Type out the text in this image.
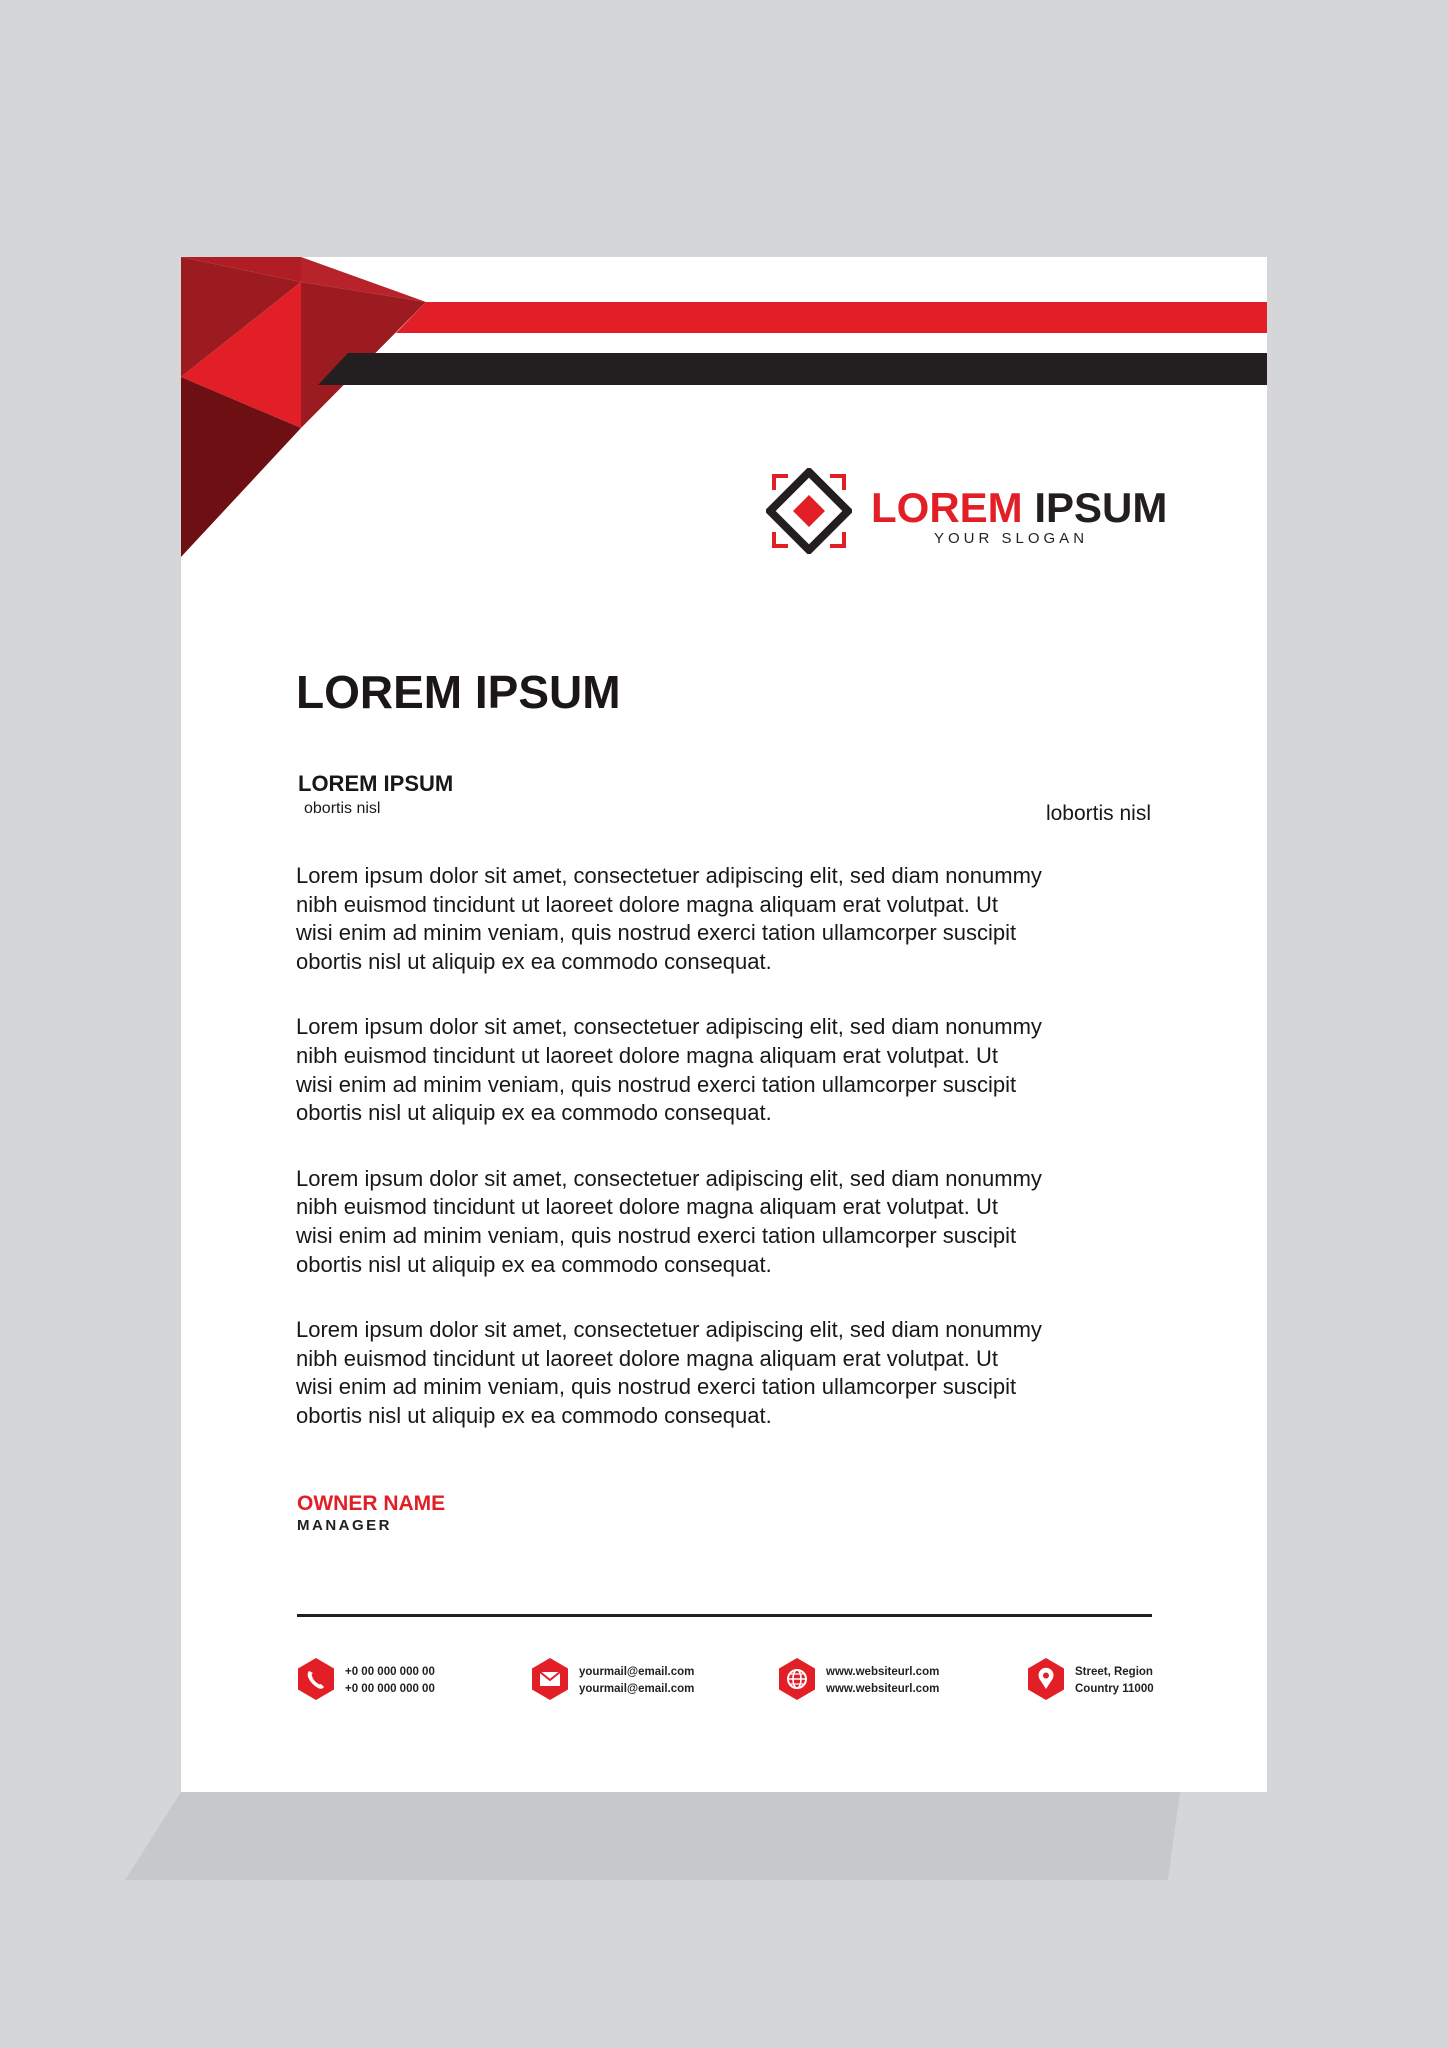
LOREM IPSUM
YOUR SLOGAN
LOREM IPSUM
LOREM IPSUM
obortis nisl	lobortis nisl

Lorem ipsum dolor sit amet, consectetuer adipiscing elit, sed diam nonummy
nibh euismod tincidunt ut laoreet dolore magna aliquam erat volutpat. Ut
wisi enim ad minim veniam, quis nostrud exerci tation ullamcorper suscipit
obortis nisl ut aliquip ex ea commodo consequat.

Lorem ipsum dolor sit amet, consectetuer adipiscing elit, sed diam nonummy
nibh euismod tincidunt ut laoreet dolore magna aliquam erat volutpat. Ut
wisi enim ad minim veniam, quis nostrud exerci tation ullamcorper suscipit
obortis nisl ut aliquip ex ea commodo consequat.

Lorem ipsum dolor sit amet, consectetuer adipiscing elit, sed diam nonummy
nibh euismod tincidunt ut laoreet dolore magna aliquam erat volutpat. Ut
wisi enim ad minim veniam, quis nostrud exerci tation ullamcorper suscipit
obortis nisl ut aliquip ex ea commodo consequat.

Lorem ipsum dolor sit amet, consectetuer adipiscing elit, sed diam nonummy
nibh euismod tincidunt ut laoreet dolore magna aliquam erat volutpat. Ut
wisi enim ad minim veniam, quis nostrud exerci tation ullamcorper suscipit
obortis nisl ut aliquip ex ea commodo consequat.

OWNER NAME
MANAGER
+0 00 000 000 00
+0 00 000 000 00
yourmail@email.com
yourmail@email.com
www.websiteurl.com
www.websiteurl.com
Street, Region
Country 11000
